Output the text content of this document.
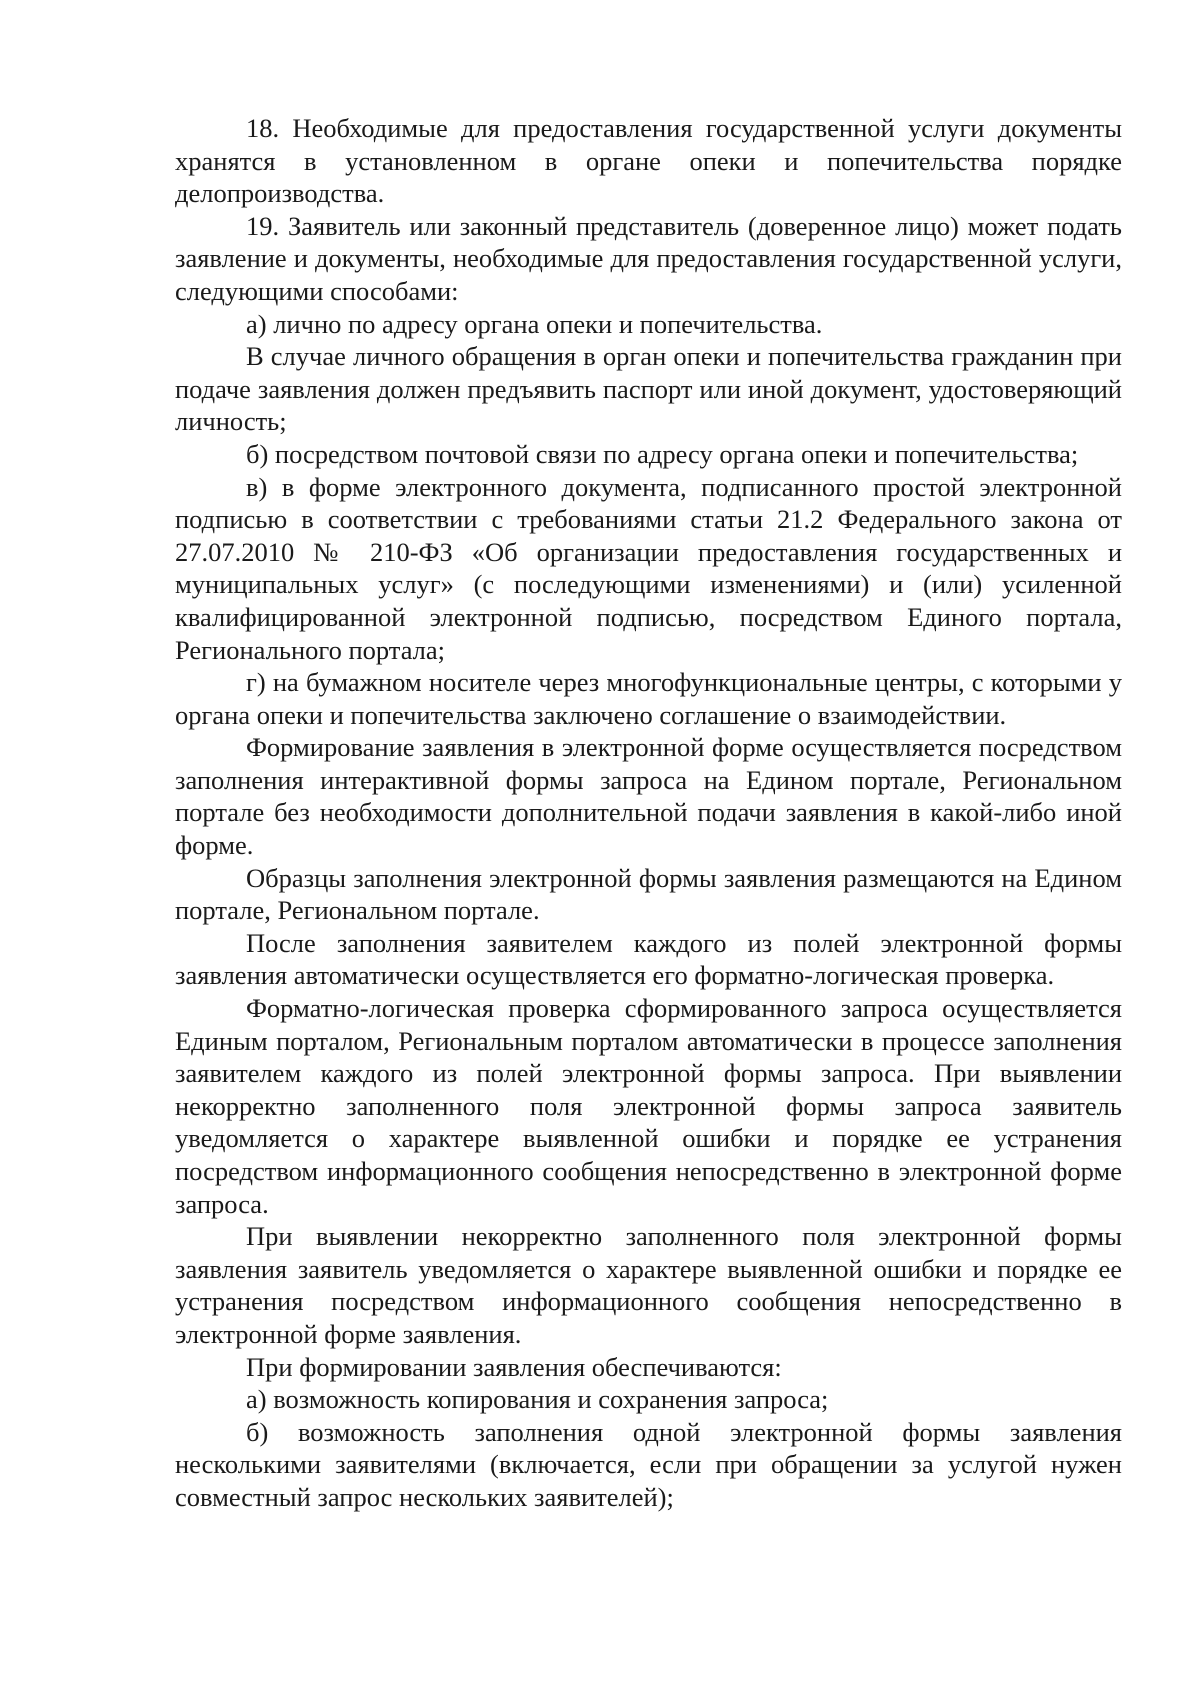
18. Необходимые для предоставления государственной услуги документы хранятся в установленном в органе опеки и попечительства порядке делопроизводства.

19. Заявитель или законный представитель (доверенное лицо) может подать заявление и документы, необходимые для предоставления государственной услуги, следующими способами:

а) лично по адресу органа опеки и попечительства.

В случае личного обращения в орган опеки и попечительства гражданин при подаче заявления должен предъявить паспорт или иной документ, удостоверяющий личность;

б) посредством почтовой связи по адресу органа опеки и попечительства;

в) в форме электронного документа, подписанного простой электронной подписью в соответствии с требованиями статьи 21.2 Федерального закона от 27.07.2010 № 210-ФЗ «Об организации предоставления государственных и муниципальных услуг» (с последующими изменениями) и (или) усиленной квалифицированной электронной подписью, посредством Единого портала, Регионального портала;

г) на бумажном носителе через многофункциональные центры, с которыми у органа опеки и попечительства заключено соглашение о взаимодействии.

Формирование заявления в электронной форме осуществляется посредством заполнения интерактивной формы запроса на Едином портале, Региональном портале без необходимости дополнительной подачи заявления в какой-либо иной форме.

Образцы заполнения электронной формы заявления размещаются на Едином портале, Региональном портале.

После заполнения заявителем каждого из полей электронной формы заявления автоматически осуществляется его форматно-логическая проверка.

Форматно-логическая проверка сформированного запроса осуществляется Единым порталом, Региональным порталом автоматически в процессе заполнения заявителем каждого из полей электронной формы запроса. При выявлении некорректно заполненного поля электронной формы запроса заявитель уведомляется о характере выявленной ошибки и порядке ее устранения посредством информационного сообщения непосредственно в электронной форме запроса.

При выявлении некорректно заполненного поля электронной формы заявления заявитель уведомляется о характере выявленной ошибки и порядке ее устранения посредством информационного сообщения непосредственно в электронной форме заявления.

При формировании заявления обеспечиваются:

а) возможность копирования и сохранения запроса;

б) возможность заполнения одной электронной формы заявления несколькими заявителями (включается, если при обращении за услугой нужен совместный запрос нескольких заявителей);
